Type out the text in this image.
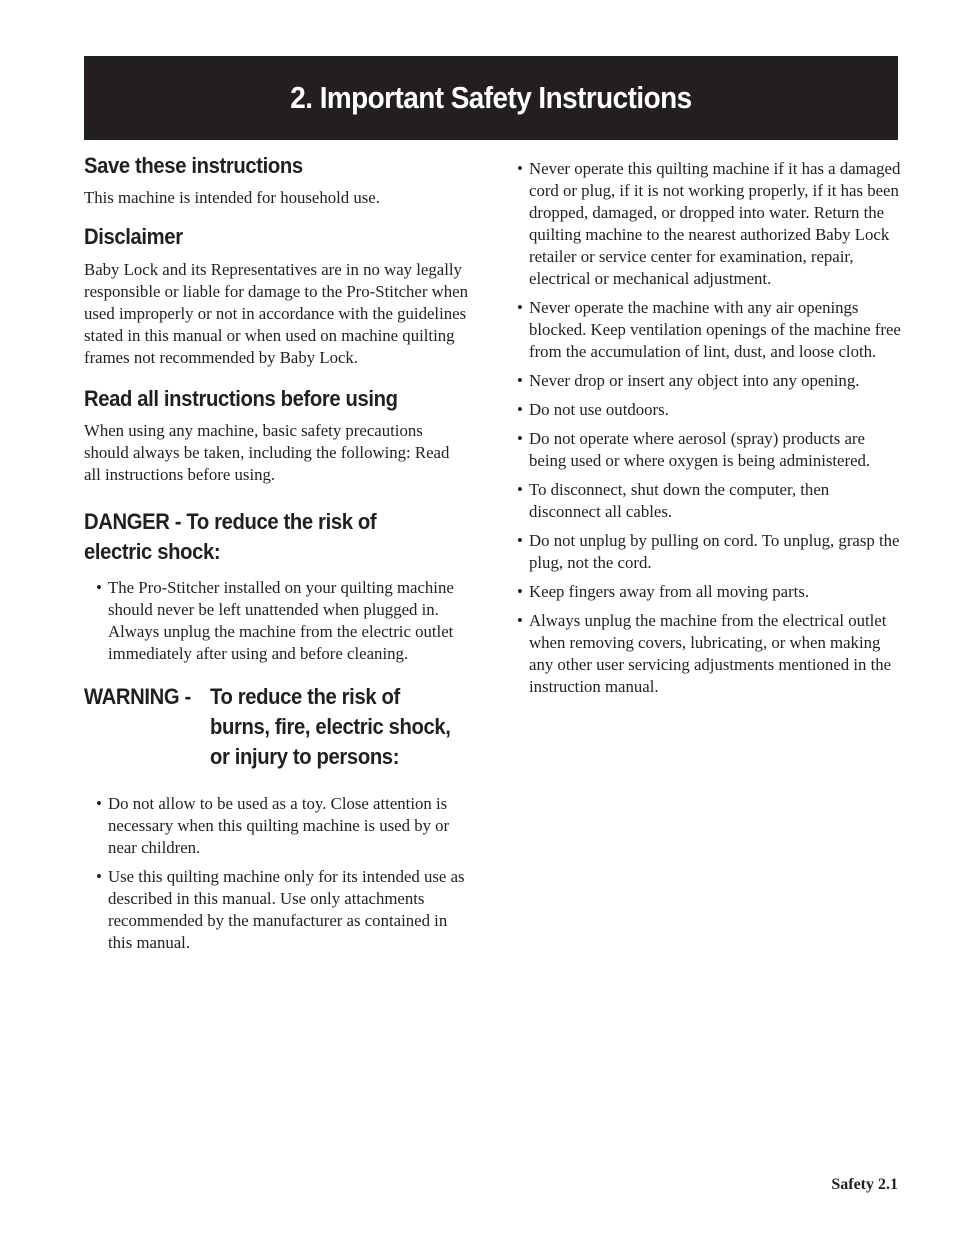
2. Important Safety Instructions
Save these instructions

This machine is intended for household use.

Disclaimer

Baby Lock and its Representatives are in no way legally responsible or liable for damage to the Pro-Stitcher when used improperly or not in accordance with the guidelines stated in this manual or when used on machine quilting frames not recommended by Baby Lock.

Read all instructions before using

When using any machine, basic safety precautions should always be taken, including the following: Read all instructions before using.

DANGER - To reduce the risk of
electric shock:
• The Pro-Stitcher installed on your quilting machine should never be left unattended when plugged in. Always unplug the machine from the electric outlet immediately after using and before cleaning.
WARNING - To reduce the risk of
burns, fire, electric shock,
or injury to persons:
• Do not allow to be used as a toy. Close attention is necessary when this quilting machine is used by or near children.
• Use this quilting machine only for its intended use as described in this manual. Use only attachments recommended by the manufacturer as contained in this manual.
• Never operate this quilting machine if it has a damaged cord or plug, if it is not working properly, if it has been dropped, damaged, or dropped into water. Return the quilting machine to the nearest authorized Baby Lock retailer or service center for examination, repair, electrical or mechanical adjustment.
• Never operate the machine with any air openings blocked. Keep ventilation openings of the machine free from the accumulation of lint, dust, and loose cloth.
• Never drop or insert any object into any opening.
• Do not use outdoors.
• Do not operate where aerosol (spray) products are being used or where oxygen is being administered.
• To disconnect, shut down the computer, then disconnect all cables.
• Do not unplug by pulling on cord. To unplug, grasp the plug, not the cord.
• Keep fingers away from all moving parts.
• Always unplug the machine from the electrical outlet when removing covers, lubricating, or when making any other user servicing adjustments mentioned in the instruction manual.
Safety 2.1
